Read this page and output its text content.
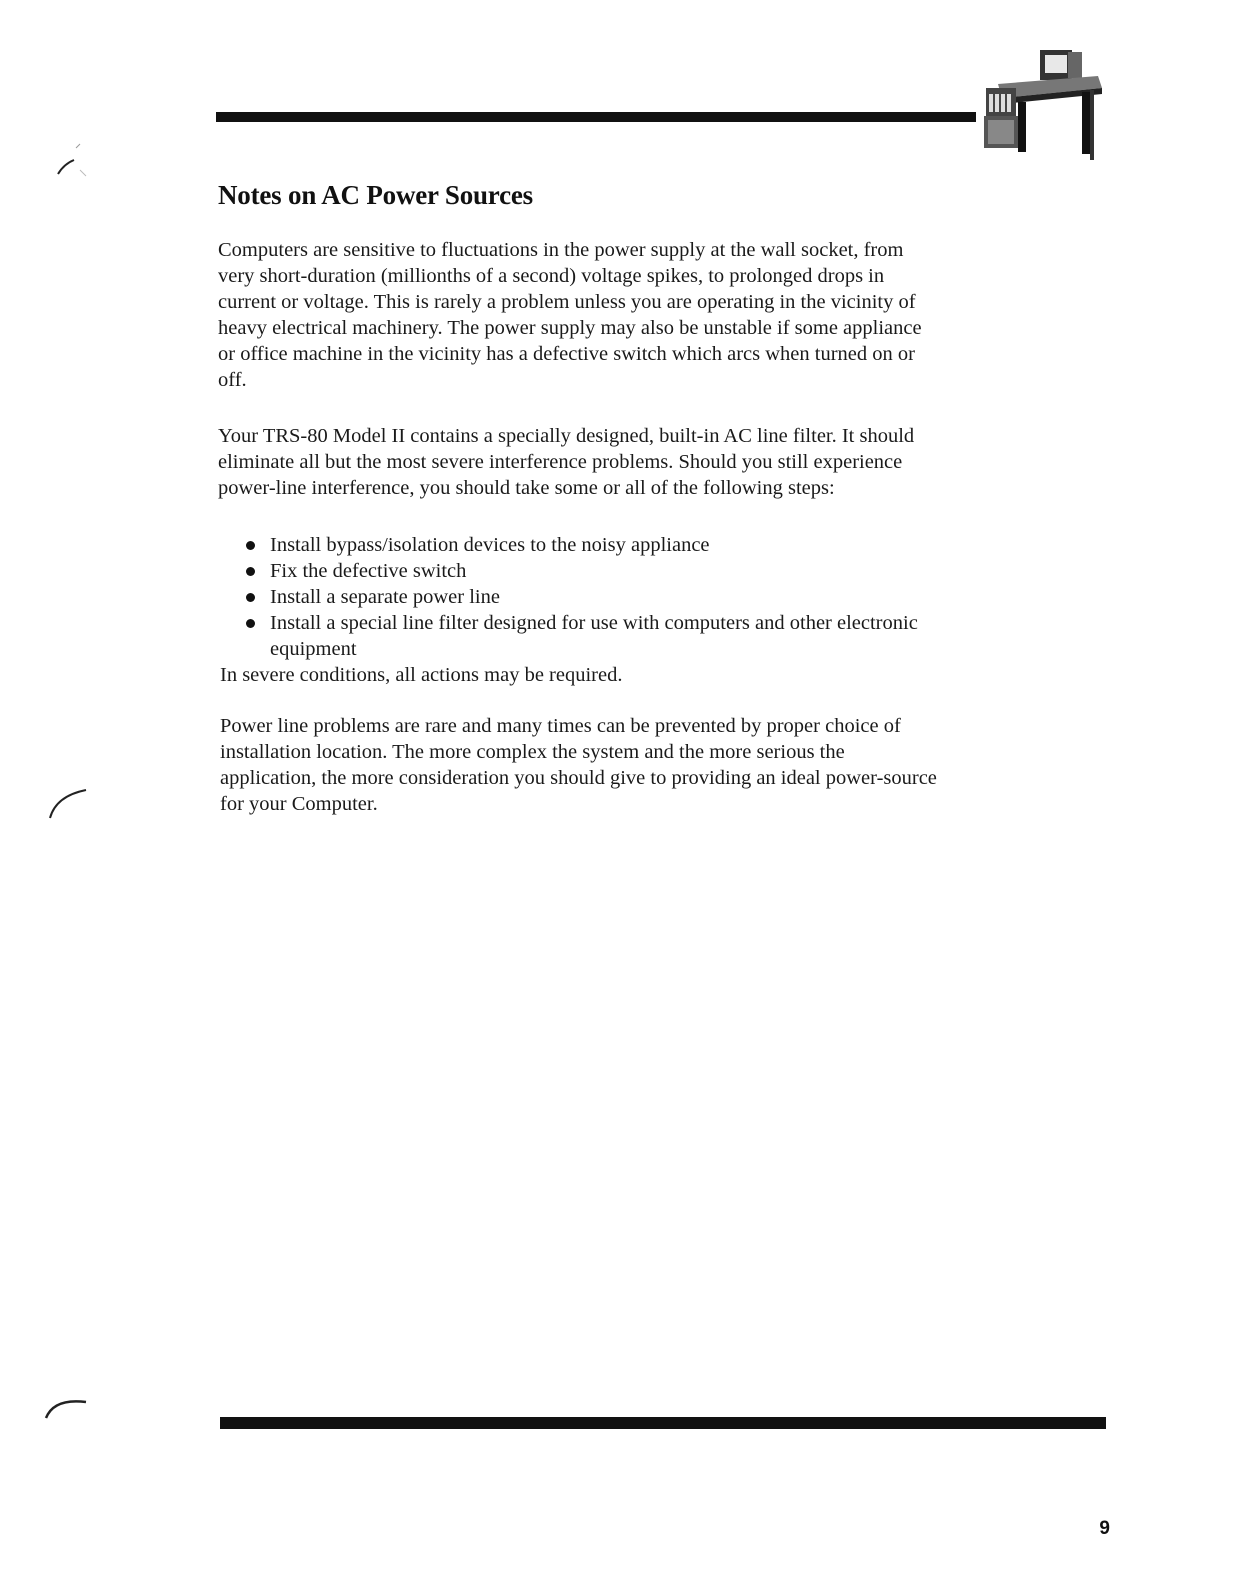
Notes on AC Power Sources

Computers are sensitive to fluctuations in the power supply at the wall socket, from very short-duration (millionths of a second) voltage spikes, to prolonged drops in current or voltage. This is rarely a problem unless you are operating in the vicinity of heavy electrical machinery. The power supply may also be unstable if some appliance or office machine in the vicinity has a defective switch which arcs when turned on or off.

Your TRS-80 Model II contains a specially designed, built-in AC line filter. It should eliminate all but the most severe interference problems. Should you still experience power-line interference, you should take some or all of the following steps:

Install bypass/isolation devices to the noisy appliance
Fix the defective switch
Install a separate power line
Install a special line filter designed for use with computers and other electronic equipment

In severe conditions, all actions may be required.

Power line problems are rare and many times can be prevented by proper choice of installation location. The more complex the system and the more serious the application, the more consideration you should give to providing an ideal power-source for your Computer.

9
